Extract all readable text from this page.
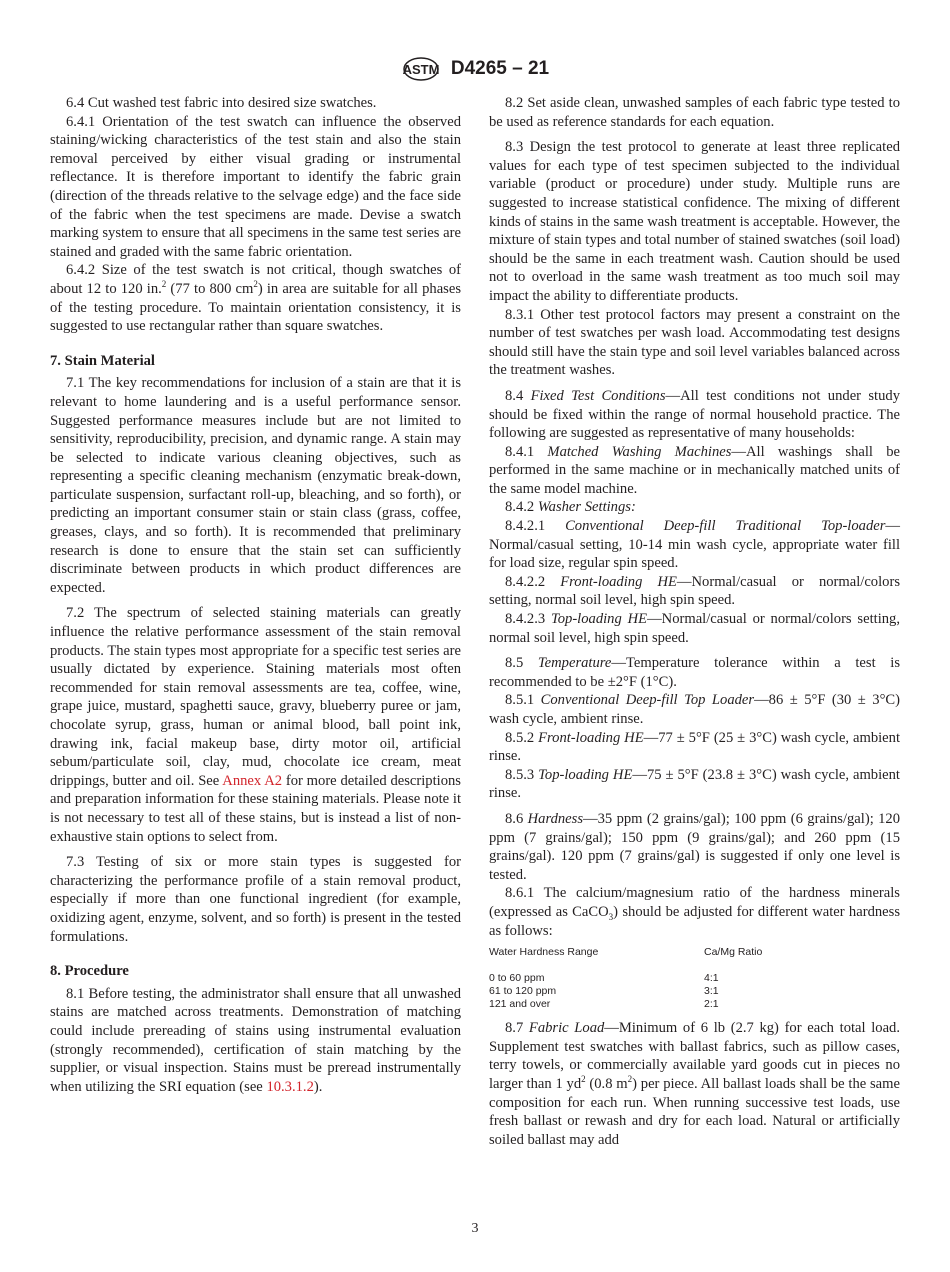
ASTM D4265 – 21

6.4 Cut washed test fabric into desired size swatches.

6.4.1 Orientation of the test swatch can influence the observed staining/wicking characteristics of the test stain and also the stain removal perceived by either visual grading or instrumental reflectance. It is therefore important to identify the fabric grain (direction of the threads relative to the selvage edge) and the face side of the fabric when the test specimens are made. Devise a swatch marking system to ensure that all specimens in the same test series are stained and graded with the same fabric orientation.

6.4.2 Size of the test swatch is not critical, though swatches of about 12 to 120 in.$^2$ (77 to 800 $cm^2$) in area are suitable for all phases of the testing procedure. To maintain orientation consistency, it is suggested to use rectangular rather than square swatches.

7. Stain Material

7.1 The key recommendations for inclusion of a stain are that it is relevant to home laundering and is a useful performance sensor. Suggested performance measures include but are not limited to sensitivity, reproducibility, precision, and dynamic range. A stain may be selected to indicate various cleaning objectives, such as representing a specific cleaning mechanism (enzymatic break-down, particulate suspension, surfactant roll-up, bleaching, and so forth), or predicting an important consumer stain or stain class (grass, coffee, greases, clays, and so forth). It is recommended that preliminary research is done to ensure that the stain set can sufficiently discriminate between products in which product differences are expected.

7.2 The spectrum of selected staining materials can greatly influence the relative performance assessment of the stain removal products. The stain types most appropriate for a specific test series are usually dictated by experience. Staining materials most often recommended for stain removal assessments are tea, coffee, wine, grape juice, mustard, spaghetti sauce, gravy, blueberry puree or jam, chocolate syrup, grass, human or animal blood, ball point ink, drawing ink, facial makeup base, dirty motor oil, artificial sebum/particulate soil, clay, mud, chocolate ice cream, meat drippings, butter and oil. See Annex A2 for more detailed descriptions and preparation information for these staining materials. Please note it is not necessary to test all of these stains, but is instead a list of non-exhaustive stain options to select from.

7.3 Testing of six or more stain types is suggested for characterizing the performance profile of a stain removal product, especially if more than one functional ingredient (for example, oxidizing agent, enzyme, solvent, and so forth) is present in the tested formulations.

8. Procedure

8.1 Before testing, the administrator shall ensure that all unwashed stains are matched across treatments. Demonstration of matching could include prereading of stains using instrumental evaluation (strongly recommended), certification of stain matching by the supplier, or visual inspection. Stains must be preread instrumentally when utilizing the SRI equation (see 10.3.1.2).

8.2 Set aside clean, unwashed samples of each fabric type tested to be used as reference standards for each equation.

8.3 Design the test protocol to generate at least three replicated values for each type of test specimen subjected to the individual variable (product or procedure) under study. Multiple runs are suggested to increase statistical confidence. The mixing of different kinds of stains in the same wash treatment is acceptable. However, the mixture of stain types and total number of stained swatches (soil load) should be the same in each treatment wash. Caution should be used not to overload in the same wash treatment as too much soil may impact the ability to differentiate products.

8.3.1 Other test protocol factors may present a constraint on the number of test swatches per wash load. Accommodating test designs should still have the stain type and soil level variables balanced across the treatment washes.

8.4 Fixed Test Conditions—All test conditions not under study should be fixed within the range of normal household practice. The following are suggested as representative of many households:

8.4.1 Matched Washing Machines—All washings shall be performed in the same machine or in mechanically matched units of the same model machine.

8.4.2 Washer Settings:

8.4.2.1 Conventional Deep-fill Traditional Top-loader—Normal/casual setting, 10-14 min wash cycle, appropriate water fill for load size, regular spin speed.

8.4.2.2 Front-loading HE—Normal/casual or normal/colors setting, normal soil level, high spin speed.

8.4.2.3 Top-loading HE—Normal/casual or normal/colors setting, normal soil level, high spin speed.

8.5 Temperature—Temperature tolerance within a test is recommended to be ±2°F (1°C).

8.5.1 Conventional Deep-fill Top Loader—86 ± 5°F (30 ± 3°C) wash cycle, ambient rinse.

8.5.2 Front-loading HE—77 ± 5°F (25 ± 3°C) wash cycle, ambient rinse.

8.5.3 Top-loading HE—75 ± 5°F (23.8 ± 3°C) wash cycle, ambient rinse.

8.6 Hardness—35 ppm (2 grains/gal); 100 ppm (6 grains/gal); 120 ppm (7 grains/gal); 150 ppm (9 grains/gal); and 260 ppm (15 grains/gal). 120 ppm (7 grains/gal) is suggested if only one level is tested.

8.6.1 The calcium/magnesium ratio of the hardness minerals (expressed as CaCO$_3$) should be adjusted for different water hardness as follows:

Water Hardness Range	Ca/Mg Ratio

0 to 60 ppm	4:1
61 to 120 ppm	3:1
121 and over	2:1

8.7 Fabric Load—Minimum of 6 lb (2.7 kg) for each total load. Supplement test swatches with ballast fabrics, such as pillow cases, terry towels, or commercially available yard goods cut in pieces no larger than 1 $yd^2$ (0.8 $m^2$) per piece. All ballast loads shall be the same composition for each run. When running successive test loads, use fresh ballast or rewash and dry for each load. Natural or artificially soiled ballast may add

3
